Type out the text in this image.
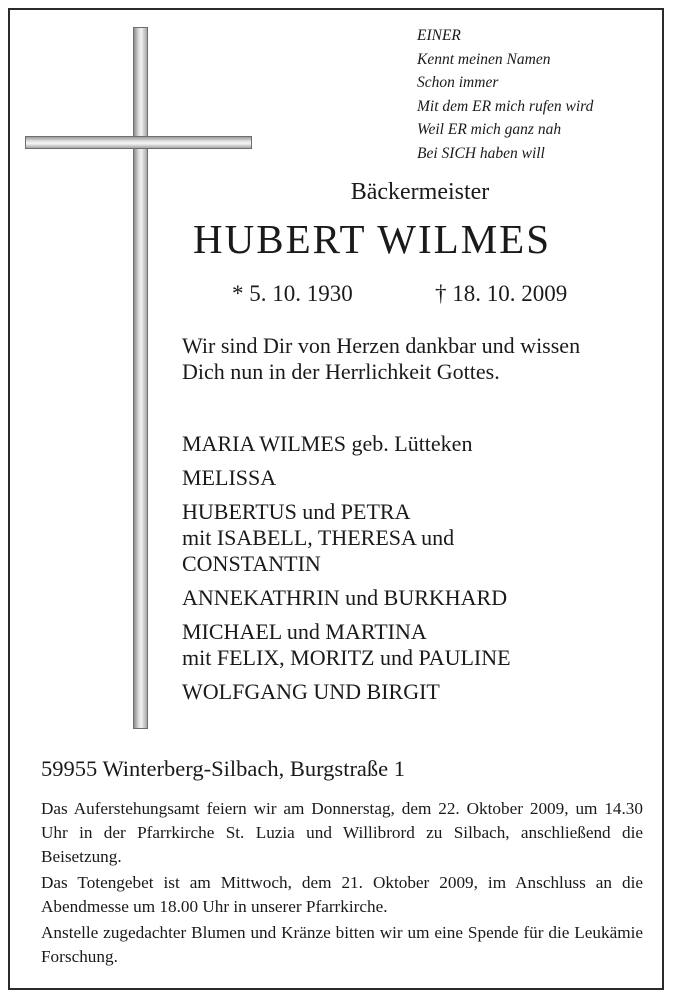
EINER
Kennt meinen Namen
Schon immer
Mit dem ER mich rufen wird
Weil ER mich ganz nah
Bei SICH haben will
Bäckermeister
HUBERT WILMES
* 5. 10. 1930	† 18. 10. 2009
Wir sind Dir von Herzen dankbar und wissen Dich nun in der Herrlichkeit Gottes.
MARIA WILMES geb. Lütteken
MELISSA
HUBERTUS und PETRA
mit ISABELL, THERESA und
CONSTANTIN
ANNEKATHRIN und BURKHARD
MICHAEL und MARTINA
mit FELIX, MORITZ und PAULINE
WOLFGANG UND BIRGIT
59955 Winterberg-Silbach, Burgstraße 1

Das Auferstehungsamt feiern wir am Donnerstag, dem 22. Oktober 2009, um 14.30 Uhr in der Pfarrkirche St. Luzia und Willibrord zu Silbach, anschließend die Beisetzung.

Das Totengebet ist am Mittwoch, dem 21. Oktober 2009, im Anschluss an die Abendmesse um 18.00 Uhr in unserer Pfarrkirche.

Anstelle zugedachter Blumen und Kränze bitten wir um eine Spende für die Leukämie Forschung.
